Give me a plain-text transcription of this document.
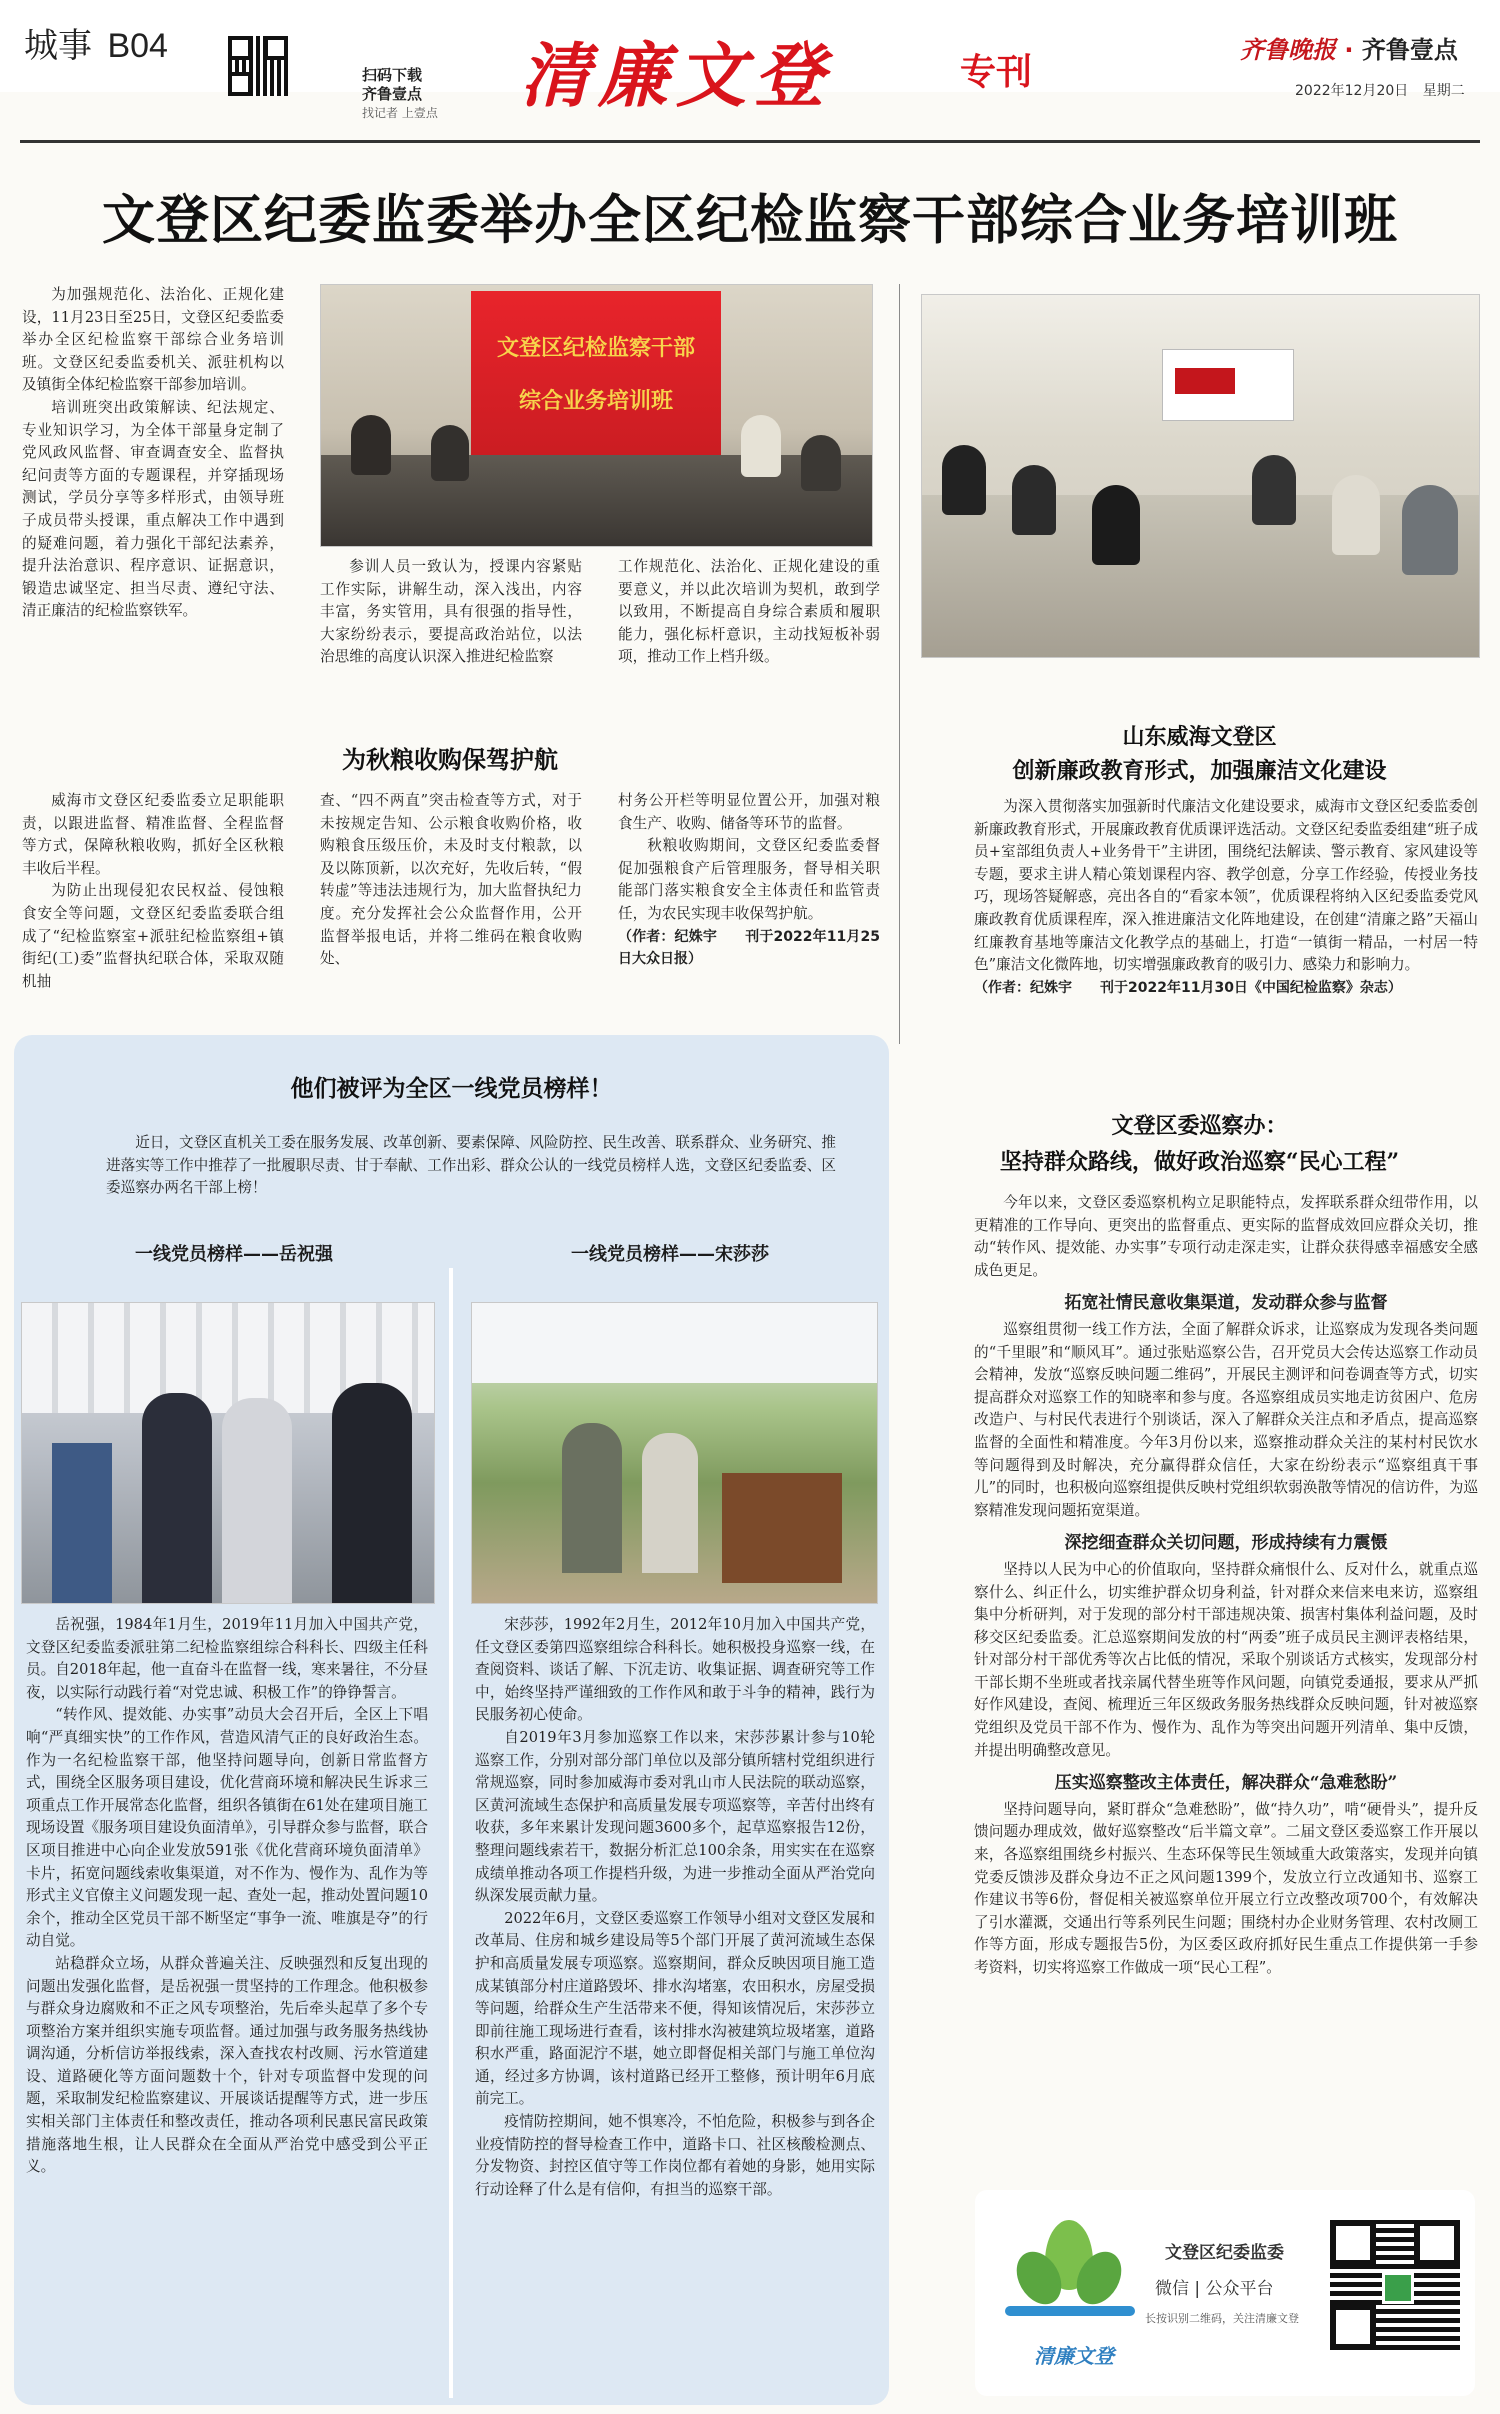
城事 B04
扫码下载
齐鲁壹点
找记者 上壹点 清廉文登	专刊
齐鲁晚报 · 齐鲁壹点
2022年12月20日 星期二
文登区纪委监委举办全区纪检监察干部综合业务培训班

为加强规范化、法治化、正规化建设，11月23日至25日，文登区纪委监委举办全区纪检监察干部综合业务培训班。文登区纪委监委机关、派驻机构以及镇街全体纪检监察干部参加培训。

培训班突出政策解读、纪法规定、专业知识学习，为全体干部量身定制了党风政风监督、审查调查安全、监督执纪问责等方面的专题课程，并穿插现场测试，学员分享等多样形式，由领导班子成员带头授课，重点解决工作中遇到的疑难问题，着力强化干部纪法素养，提升法治意识、程序意识、证据意识，锻造忠诚坚定、担当尽责、遵纪守法、清正廉洁的纪检监察铁军。

文登区纪检监察干部
综合业务培训班

参训人员一致认为，授课内容紧贴工作实际，讲解生动，深入浅出，内容丰富，务实管用，具有很强的指导性，大家纷纷表示，要提高政治站位，以法治思维的高度认识深入推进纪检监察

工作规范化、法治化、正规化建设的重要意义，并以此次培训为契机，敢到学以致用，不断提高自身综合素质和履职能力，强化标杆意识，主动找短板补弱项，推动工作上档升级。

为秋粮收购保驾护航

威海市文登区纪委监委立足职能职责，以跟进监督、精准监督、全程监督等方式，保障秋粮收购，抓好全区秋粮丰收后半程。

为防止出现侵犯农民权益、侵蚀粮食安全等问题，文登区纪委监委联合组成了“纪检监察室+派驻纪检监察组+镇街纪(工)委”监督执纪联合体，采取双随机抽

查、“四不两直”突击检查等方式，对于未按规定告知、公示粮食收购价格，收购粮食压级压价，未及时支付粮款，以及以陈顶新，以次充好，先收后转，“假转虚”等违法违规行为，加大监督执纪力度。充分发挥社会公众监督作用，公开监督举报电话，并将二维码在粮食收购处、

村务公开栏等明显位置公开，加强对粮食生产、收购、储备等环节的监督。

秋粮收购期间，文登区纪委监委督促加强粮食产后管理服务，督导相关职能部门落实粮食安全主体责任和监管责任，为农民实现丰收保驾护航。

（作者：纪姝宇　　刊于2022年11月25日大众日报）

山东威海文登区
创新廉政教育形式，加强廉洁文化建设

为深入贯彻落实加强新时代廉洁文化建设要求，威海市文登区纪委监委创新廉政教育形式，开展廉政教育优质课评选活动。文登区纪委监委组建“班子成员+室部组负责人+业务骨干”主讲团，围绕纪法解读、警示教育、家风建设等专题，要求主讲人精心策划课程内容、教学创意，分享工作经验，传授业务技巧，现场答疑解惑，亮出各自的“看家本领”，优质课程将纳入区纪委监委党风廉政教育优质课程库，深入推进廉洁文化阵地建设，在创建“清廉之路”天福山红廉教育基地等廉洁文化教学点的基础上，打造“一镇街一精品，一村居一特色”廉洁文化微阵地，切实增强廉政教育的吸引力、感染力和影响力。

（作者：纪姝宇　　刊于2022年11月30日《中国纪检监察》杂志）

文登区委巡察办：
坚持群众路线，做好政治巡察“民心工程”

今年以来，文登区委巡察机构立足职能特点，发挥联系群众纽带作用，以更精准的工作导向、更突出的监督重点、更实际的监督成效回应群众关切，推动“转作风、提效能、办实事”专项行动走深走实，让群众获得感幸福感安全感成色更足。

拓宽社情民意收集渠道，发动群众参与监督

巡察组贯彻一线工作方法，全面了解群众诉求，让巡察成为发现各类问题的“千里眼”和“顺风耳”。通过张贴巡察公告，召开党员大会传达巡察工作动员会精神，发放“巡察反映问题二维码”，开展民主测评和问卷调查等方式，切实提高群众对巡察工作的知晓率和参与度。各巡察组成员实地走访贫困户、危房改造户、与村民代表进行个别谈话，深入了解群众关注点和矛盾点，提高巡察监督的全面性和精准度。今年3月份以来，巡察推动群众关注的某村村民饮水等问题得到及时解决，充分赢得群众信任，大家在纷纷表示“巡察组真干事儿”的同时，也积极向巡察组提供反映村党组织软弱涣散等情况的信访件，为巡察精准发现问题拓宽渠道。

深挖细查群众关切问题，形成持续有力震慑

坚持以人民为中心的价值取向，坚持群众痛恨什么、反对什么，就重点巡察什么、纠正什么，切实维护群众切身利益，针对群众来信来电来访，巡察组集中分析研判，对于发现的部分村干部违规决策、损害村集体利益问题，及时移交区纪委监委。汇总巡察期间发放的村“两委”班子成员民主测评表格结果，针对部分村干部优秀等次占比低的情况，采取个别谈话方式核实，发现部分村干部长期不坐班或者找亲属代替坐班等作风问题，向镇党委通报，要求从严抓好作风建设，查阅、梳理近三年区级政务服务热线群众反映问题，针对被巡察党组织及党员干部不作为、慢作为、乱作为等突出问题开列清单、集中反馈，并提出明确整改意见。

压实巡察整改主体责任，解决群众“急难愁盼”

坚持问题导向，紧盯群众“急难愁盼”，做“持久功”，啃“硬骨头”，提升反馈问题办理成效，做好巡察整改“后半篇文章”。二届文登区委巡察工作开展以来，各巡察组围绕乡村振兴、生态环保等民生领域重大政策落实，发现并向镇党委反馈涉及群众身边不正之风问题1399个，发放立行立改通知书、巡察工作建议书等6份，督促相关被巡察单位开展立行立改整改项700个，有效解决了引水灌溉，交通出行等系列民生问题；围绕村办企业财务管理、农村改厕工作等方面，形成专题报告5份，为区委区政府抓好民生重点工作提供第一手参考资料，切实将巡察工作做成一项“民心工程”。

清廉文登
文登区纪委监委
微信 | 公众平台
长按识别二维码，关注清廉文登
他们被评为全区一线党员榜样！

近日，文登区直机关工委在服务发展、改革创新、要素保障、风险防控、民生改善、联系群众、业务研究、推进落实等工作中推荐了一批履职尽责、甘于奉献、工作出彩、群众公认的一线党员榜样人选，文登区纪委监委、区委巡察办两名干部上榜！

一线党员榜样——岳祝强	一线党员榜样——宋莎莎

岳祝强，1984年1月生，2019年11月加入中国共产党，文登区纪委监委派驻第二纪检监察组综合科科长、四级主任科员。自2018年起，他一直奋斗在监督一线，寒来暑往，不分昼夜，以实际行动践行着“对党忠诚、积极工作”的铮铮誓言。

“转作风、提效能、办实事”动员大会召开后，全区上下唱响“严真细实快”的工作作风，营造风清气正的良好政治生态。作为一名纪检监察干部，他坚持问题导向，创新日常监督方式，围绕全区服务项目建设，优化营商环境和解决民生诉求三项重点工作开展常态化监督，组织各镇街在61处在建项目施工现场设置《服务项目建设负面清单》，引导群众参与监督，联合区项目推进中心向企业发放591张《优化营商环境负面清单》卡片，拓宽问题线索收集渠道，对不作为、慢作为、乱作为等形式主义官僚主义问题发现一起、查处一起，推动处置问题10余个，推动全区党员干部不断坚定“事争一流、唯旗是夺”的行动自觉。

站稳群众立场，从群众普遍关注、反映强烈和反复出现的问题出发强化监督，是岳祝强一贯坚持的工作理念。他积极参与群众身边腐败和不正之风专项整治，先后牵头起草了多个专项整治方案并组织实施专项监督。通过加强与政务服务热线协调沟通，分析信访举报线索，深入查找农村改厕、污水管道建设、道路硬化等方面问题数十个，针对专项监督中发现的问题，采取制发纪检监察建议、开展谈话提醒等方式，进一步压实相关部门主体责任和整改责任，推动各项利民惠民富民政策措施落地生根，让人民群众在全面从严治党中感受到公平正义。

宋莎莎，1992年2月生，2012年10月加入中国共产党，任文登区委第四巡察组综合科科长。她积极投身巡察一线，在查阅资料、谈话了解、下沉走访、收集证据、调查研究等工作中，始终坚持严谨细致的工作作风和敢于斗争的精神，践行为民服务初心使命。

自2019年3月参加巡察工作以来，宋莎莎累计参与10轮巡察工作，分别对部分部门单位以及部分镇所辖村党组织进行常规巡察，同时参加威海市委对乳山市人民法院的联动巡察，区黄河流域生态保护和高质量发展专项巡察等，辛苦付出终有收获，多年来累计发现问题3600多个，起草巡察报告12份，整理问题线索若干，数据分析汇总100余条，用实实在在巡察成绩单推动各项工作提档升级，为进一步推动全面从严治党向纵深发展贡献力量。

2022年6月，文登区委巡察工作领导小组对文登区发展和改革局、住房和城乡建设局等5个部门开展了黄河流域生态保护和高质量发展专项巡察。巡察期间，群众反映因项目施工造成某镇部分村庄道路毁坏、排水沟堵塞，农田积水，房屋受损等问题，给群众生产生活带来不便，得知该情况后，宋莎莎立即前往施工现场进行查看，该村排水沟被建筑垃圾堵塞，道路积水严重，路面泥泞不堪，她立即督促相关部门与施工单位沟通，经过多方协调，该村道路已经开工整修，预计明年6月底前完工。

疫情防控期间，她不惧寒冷，不怕危险，积极参与到各企业疫情防控的督导检查工作中，道路卡口、社区核酸检测点、分发物资、封控区值守等工作岗位都有着她的身影，她用实际行动诠释了什么是有信仰，有担当的巡察干部。
